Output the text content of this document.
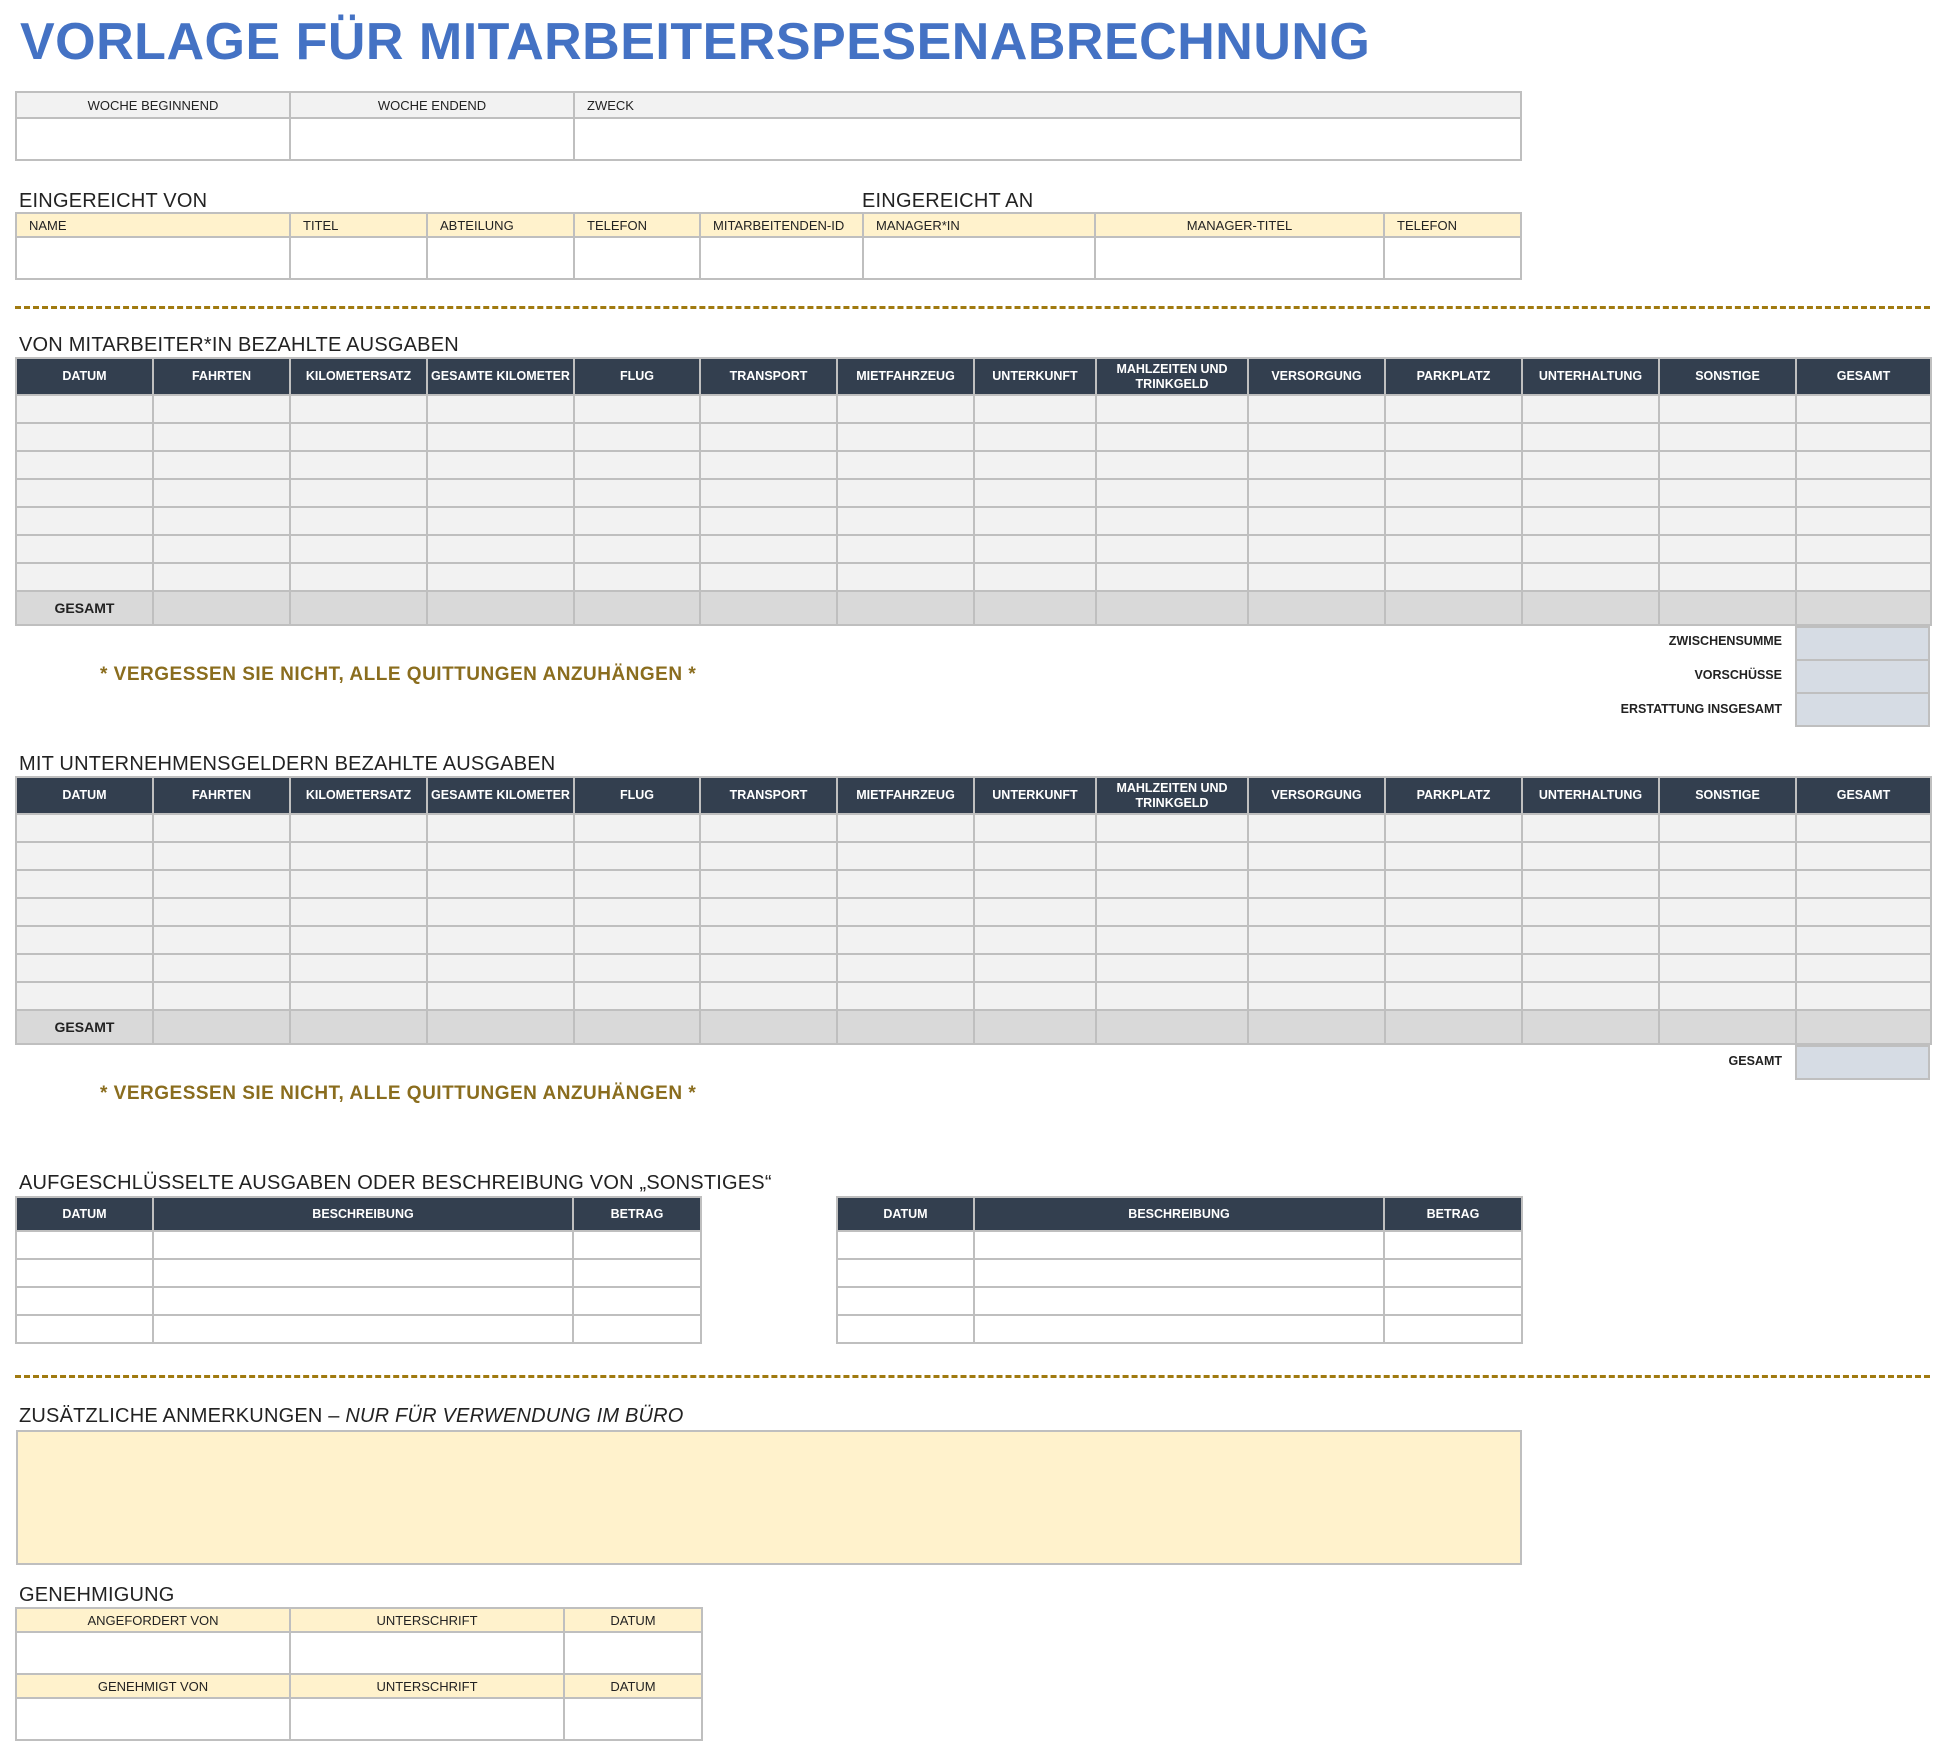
VORLAGE FÜR MITARBEITERSPESENABRECHNUNG
WOCHE BEGINNEND	WOCHE ENDEND	ZWECK

EINGEREICHT VON	EINGEREICHT AN
NAME	TITEL	ABTEILUNG	TELEFON	MITARBEITENDEN-ID	MANAGER*IN	MANAGER-TITEL	TELEFON

VON MITARBEITER*IN BEZAHLTE AUSGABEN
DATUM	FAHRTEN	KILOMETERSATZ	GESAMTE KILOMETER	FLUG	TRANSPORT	MIETFAHRZEUG	UNTERKUNFT	MAHLZEITEN UND TRINKGELD	VERSORGUNG	PARKPLATZ	UNTERHALTUNG	SONSTIGE	GESAMT

GESAMT													
* VERGESSEN SIE NICHT, ALLE QUITTUNGEN ANZUHÄNGEN *
ZWISCHENSUMME
VORSCHÜSSE
ERSTATTUNG INSGESAMT
MIT UNTERNEHMENSGELDERN BEZAHLTE AUSGABEN
DATUM	FAHRTEN	KILOMETERSATZ	GESAMTE KILOMETER	FLUG	TRANSPORT	MIETFAHRZEUG	UNTERKUNFT	MAHLZEITEN UND TRINKGELD	VERSORGUNG	PARKPLATZ	UNTERHALTUNG	SONSTIGE	GESAMT

GESAMT													
GESAMT
* VERGESSEN SIE NICHT, ALLE QUITTUNGEN ANZUHÄNGEN *
AUFGESCHLÜSSELTE AUSGABEN ODER BESCHREIBUNG VON „SONSTIGES“
DATUM	BESCHREIBUNG	BETRAG

			DATUM	BESCHREIBUNG	BETRAG

ZUSÄTZLICHE ANMERKUNGEN – NUR FÜR VERWENDUNG IM BÜRO
GENEHMIGUNG
ANGEFORDERT VON	UNTERSCHRIFT	DATUM

GENEHMIGT VON	UNTERSCHRIFT	DATUM
